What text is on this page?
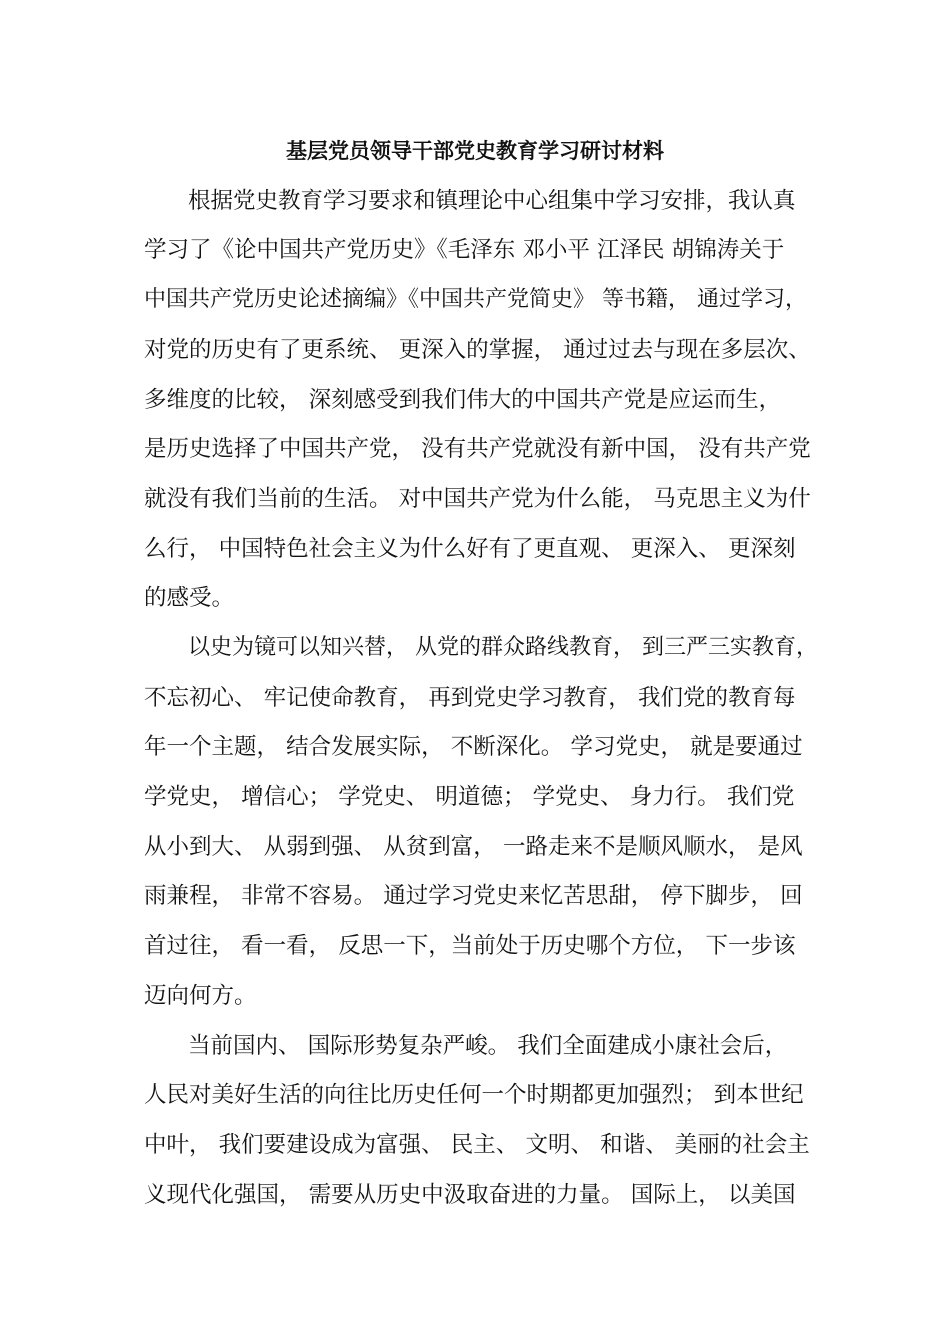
基层党员领导干部党史教育学习研讨材料
根据党史教育学习要求和镇理论中心组集中学习安排，我认真
学习了《论中国共产党历史》《毛泽东 邓小平 江泽民 胡锦涛关于
中国共产党历史论述摘编》《中国共产党简史》 等书籍， 通过学习，
对党的历史有了更系统、 更深入的掌握， 通过过去与现在多层次、
多维度的比较， 深刻感受到我们伟大的中国共产党是应运而生，
是历史选择了中国共产党， 没有共产党就没有新中国， 没有共产党
就没有我们当前的生活。 对中国共产党为什么能， 马克思主义为什
么行， 中国特色社会主义为什么好有了更直观、 更深入、 更深刻
的感受。
以史为镜可以知兴替， 从党的群众路线教育， 到三严三实教育，
不忘初心、 牢记使命教育， 再到党史学习教育， 我们党的教育每
年一个主题， 结合发展实际， 不断深化。 学习党史， 就是要通过
学党史， 增信心； 学党史、 明道德； 学党史、 身力行。 我们党
从小到大、 从弱到强、 从贫到富， 一路走来不是顺风顺水， 是风
雨兼程， 非常不容易。 通过学习党史来忆苦思甜， 停下脚步， 回
首过往， 看一看， 反思一下，当前处于历史哪个方位， 下一步该
迈向何方。
当前国内、 国际形势复杂严峻。 我们全面建成小康社会后，
人民对美好生活的向往比历史任何一个时期都更加强烈； 到本世纪
中叶， 我们要建设成为富强、 民主、 文明、 和谐、 美丽的社会主
义现代化强国， 需要从历史中汲取奋进的力量。 国际上， 以美国
